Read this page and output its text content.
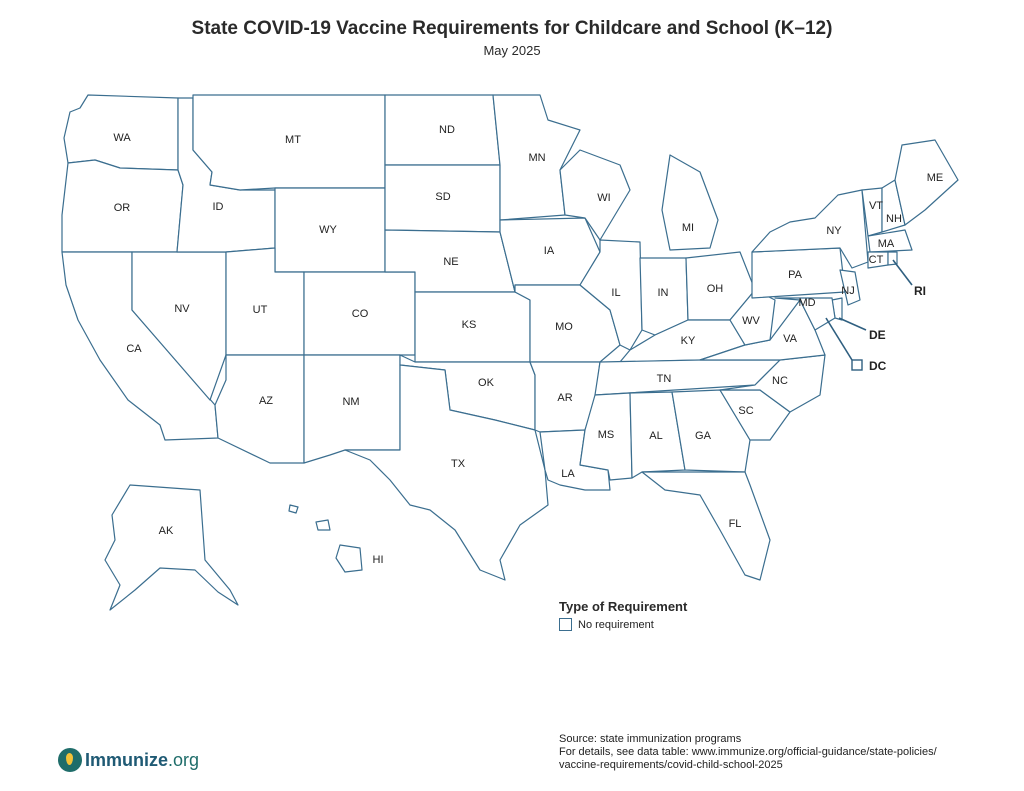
State COVID-19 Vaccine Requirements for Childcare and School (K–12)
May 2025
WA
OR
CA
NV
ID
MT
WY
UT	CO
AZ	NM
ND
SD
NE
KS
OK
TX
MN
IA
MO
AR
LA
WI
IL
MI
IN	OH
KY
TN
MS	AL	GA
FL
SC
NC
VA
WV
PA
NY
VT
NH
ME
MA
CT
NJ
MD
AK
HI
RI
DE
DC
Type of Requirement
No requirement
Source: state immunization programs
For details, see data table: www.immunize.org/official-guidance/state-policies/
vaccine-requirements/covid-child-school-2025
Immunize.org
